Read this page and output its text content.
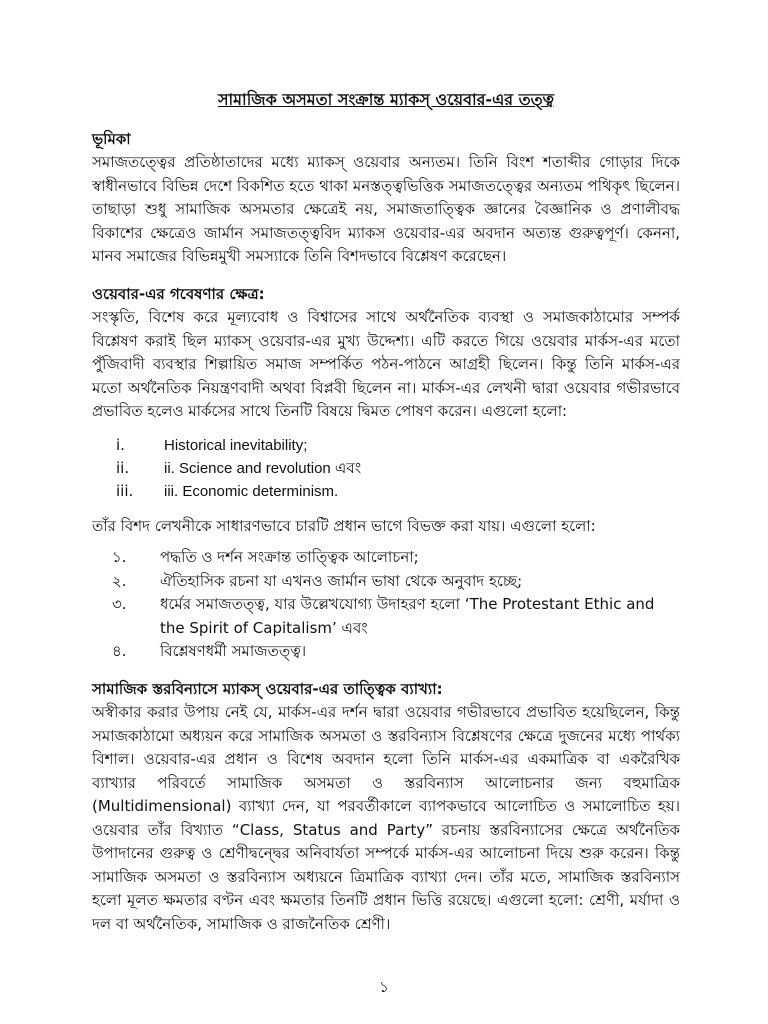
সামাজিক অসমতা সংক্রান্ত ম্যাকস্ ওয়েবার-এর তত্ত্ব
ভূমিকা

সমাজতত্ত্বের প্রতিষ্ঠাতাদের মধ্যে ম্যাকস্ ওয়েবার অন্যতম। তিনি বিংশ শতাব্দীর গোড়ার দিকে স্বাধীনভাবে বিভিন্ন দেশে বিকশিত হতে থাকা মনস্তত্ত্বভিত্তিক সমাজতত্ত্বের অন্যতম পথিকৃৎ ছিলেন। তাছাড়া শুধু সামাজিক অসমতার ক্ষেত্রেই নয়, সমাজতাত্ত্বিক জ্ঞানের বৈজ্ঞানিক ও প্রণালীবদ্ধ বিকাশের ক্ষেত্রেও জার্মান সমাজতত্ত্ববিদ ম্যাকস ওয়েবার-এর অবদান অত্যন্ত গুরুত্বপূর্ণ। কেননা, মানব সমাজের বিভিন্নমুখী সমস্যাকে তিনি বিশদভাবে বিশ্লেষণ করেছেন।

ওয়েবার-এর গবেষণার ক্ষেত্র:

সংস্কৃতি, বিশেষ করে মূল্যবোধ ও বিশ্বাসের সাথে অর্থনৈতিক ব্যবস্থা ও সমাজকাঠামোর সম্পর্ক বিশ্লেষণ করাই ছিল ম্যাকস্ ওয়েবার-এর মুখ্য উদ্দেশ্য। এটি করতে গিয়ে ওয়েবার মার্কস-এর মতো পুঁজিবাদী ব্যবস্থার শিল্পায়িত সমাজ সম্পর্কিত পঠন-পাঠনে আগ্রহী ছিলেন। কিন্তু তিনি মার্কস-এর মতো অর্থনৈতিক নিয়ন্ত্রণবাদী অথবা বিপ্লবী ছিলেন না। মার্কস-এর লেখনী দ্বারা ওয়েবার গভীরভাবে প্রভাবিত হলেও মার্কসের সাথে তিনটি বিষয়ে দ্বিমত পোষণ করেন। এগুলো হলো:

i.	Historical inevitability;
ii.	ii. Science and revolution এবং
iii.	iii. Economic determinism.

তাঁর বিশদ লেখনীকে সাধারণভাবে চারটি প্রধান ভাগে বিভক্ত করা যায়। এগুলো হলো:

১.	পদ্ধতি ও দর্শন সংক্রান্ত তাত্ত্বিক আলোচনা;
২.	ঐতিহাসিক রচনা যা এখনও জার্মান ভাষা থেকে অনুবাদ হচ্ছে;
৩.	ধর্মের সমাজতত্ত্ব, যার উল্লেখযোগ্য উদাহরণ হলো ‘The Protestant Ethic and the Spirit of Capitalism’ এবং
৪.	বিশ্লেষণধর্মী সমাজতত্ত্ব।
সামাজিক স্তরবিন্যাসে ম্যাকস্ ওয়েবার-এর তাত্ত্বিক ব্যাখ্যা:

অস্বীকার করার উপায় নেই যে, মার্কস-এর দর্শন দ্বারা ওয়েবার গভীরভাবে প্রভাবিত হয়েছিলেন, কিন্তু সমাজকাঠামো অধ্যয়ন করে সামাজিক অসমতা ও স্তরবিন্যাস বিশ্লেষণের ক্ষেত্রে দুজনের মধ্যে পার্থক্য বিশাল। ওয়েবার-এর প্রধান ও বিশেষ অবদান হলো তিনি মার্কস-এর একমাত্রিক বা একরৈখিক ব্যাখ্যার পরিবর্তে সামাজিক অসমতা ও স্তরবিন্যাস আলোচনার জন্য বহুমাত্রিক (Multidimensional) ব্যাখ্যা দেন, যা পরবর্তীকালে ব্যাপকভাবে আলোচিত ও সমালোচিত হয়। ওয়েবার তাঁর বিখ্যাত “Class, Status and Party” রচনায় স্তরবিন্যাসের ক্ষেত্রে অর্থনৈতিক উপাদানের গুরুত্ব ও শ্রেণীদ্বন্দ্বের অনিবার্যতা সম্পর্কে মার্কস-এর আলোচনা দিয়ে শুরু করেন। কিন্তু সামাজিক অসমতা ও স্তরবিন্যাস অধ্যয়নে ত্রিমাত্রিক ব্যাখ্যা দেন। তাঁর মতে, সামাজিক স্তরবিন্যাস হলো মূলত ক্ষমতার বণ্টন এবং ক্ষমতার তিনটি প্রধান ভিত্তি রয়েছে। এগুলো হলো: শ্রেণী, মর্যাদা ও দল বা অর্থনৈতিক, সামাজিক ও রাজনৈতিক শ্রেণী।

১
